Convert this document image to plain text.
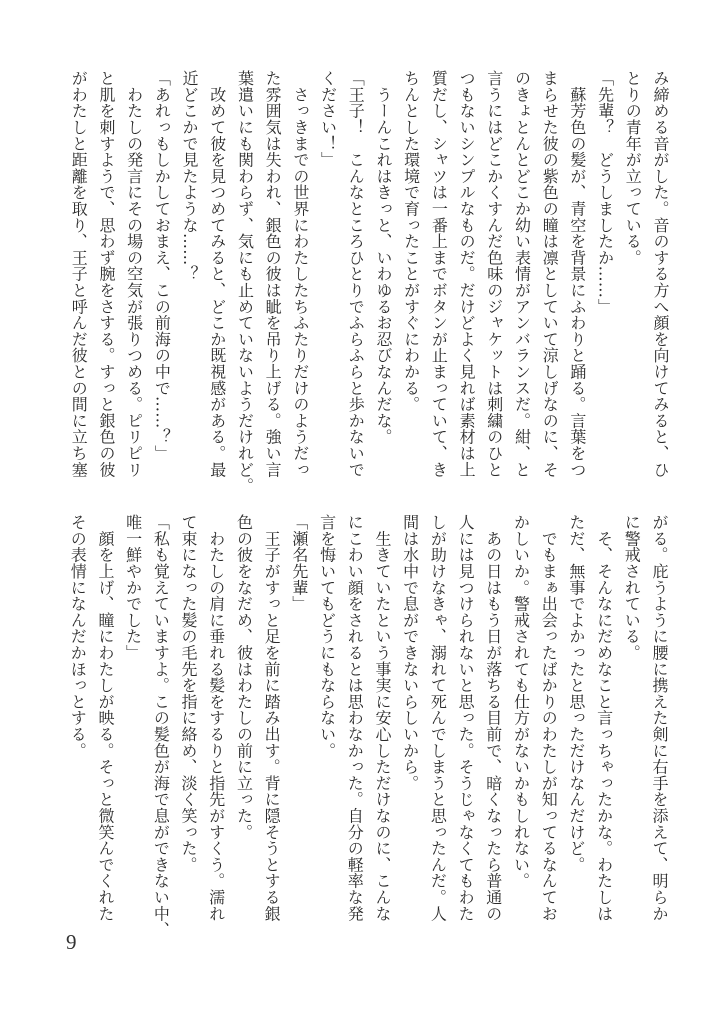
み締める音がした。音のする方へ顔を向けてみると、ひ
とりの青年が立っている。
「先輩？　どうしましたか……」
　蘇芳色の髪が、青空を背景にふわりと踊る。言葉をつ
まらせた彼の紫色の瞳は凛としていて涼しげなのに、そ
のきょとんとどこか幼い表情がアンバランスだ。紺、と
言うにはどこかくすんだ色味のジャケットは刺繍のひと
つもないシンプルなものだ。だけどよく見れば素材は上
質だし、シャツは一番上までボタンが止まっていて、き
ちんとした環境で育ったことがすぐにわかる。
　うーんこれはきっと、いわゆるお忍びなんだな。
「王子！　こんなところひとりでふらふらと歩かないで
ください！」
　さっきまでの世界にわたしたちふたりだけのようだっ
た雰囲気は失われ、銀色の彼は眦を吊り上げる。強い言
葉遣いにも関わらず、気にも止めていないようだけれど。
　改めて彼を見つめてみると、どこか既視感がある。最
近どこかで見たような……？
「あれっもしかしておまえ、この前海の中で……？」
　わたしの発言にその場の空気が張りつめる。ピリピリ
と肌を刺すようで、思わず腕をさする。すっと銀色の彼
がわたしと距離を取り、王子と呼んだ彼との間に立ち塞
がる。庇うように腰に携えた剣に右手を添えて、明らか
に警戒されている。
　そ、そんなにだめなこと言っちゃったかな。わたしは
ただ、無事でよかったと思っただけなんだけど。
　でもまぁ出会ったばかりのわたしが知ってるなんてお
かしいか。警戒されても仕方がないかもしれない。
　あの日はもう日が落ちる目前で、暗くなったら普通の
人には見つけられないと思った。そうじゃなくてもわた
しが助けなきゃ、溺れて死んでしまうと思ったんだ。人
間は水中で息ができないらしいから。
　生きていたという事実に安心しただけなのに、こんな
にこわい顔をされるとは思わなかった。自分の軽率な発
言を悔いてもどうにもならない。
「瀬名先輩」
　王子がすっと足を前に踏み出す。背に隠そうとする銀
色の彼をなだめ、彼はわたしの前に立った。
　わたしの肩に垂れる髪をするりと指先がすくう。濡れ
て束になった髪の毛先を指に絡め、淡く笑った。
「私も覚えていますよ。この髪色が海で息ができない中、
唯一鮮やかでした」
　顔を上げ、瞳にわたしが映る。そっと微笑んでくれた
その表情になんだかほっとする。
9
